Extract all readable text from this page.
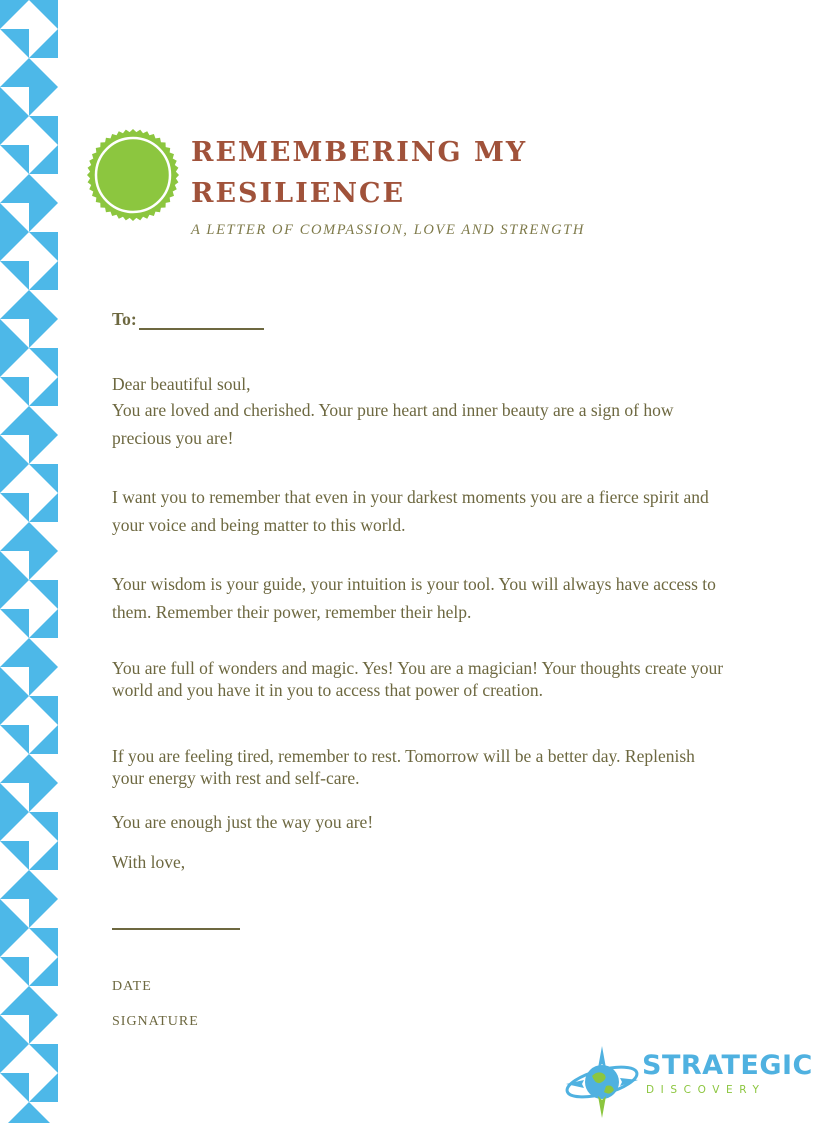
REMEMBERING MY
RESILIENCE
A LETTER OF COMPASSION, LOVE AND STRENGTH
To:

Dear beautiful soul,

You are loved and cherished. Your pure heart and inner beauty are a sign of how precious you are!

I want you to remember that even in your darkest moments you are a fierce spirit and your voice and being matter to this world.

Your wisdom is your guide, your intuition is your tool. You will always have access to them. Remember their power, remember their help.

You are full of wonders and magic. Yes! You are a magician! Your thoughts create your world and you have it in you to access that power of creation.

If you are feeling tired, remember to rest. Tomorrow will be a better day. Replenish your energy with rest and self-care.

You are enough just the way you are!

With love,

DATE
SIGNATURE
STRATEGIC
DISCOVERY
